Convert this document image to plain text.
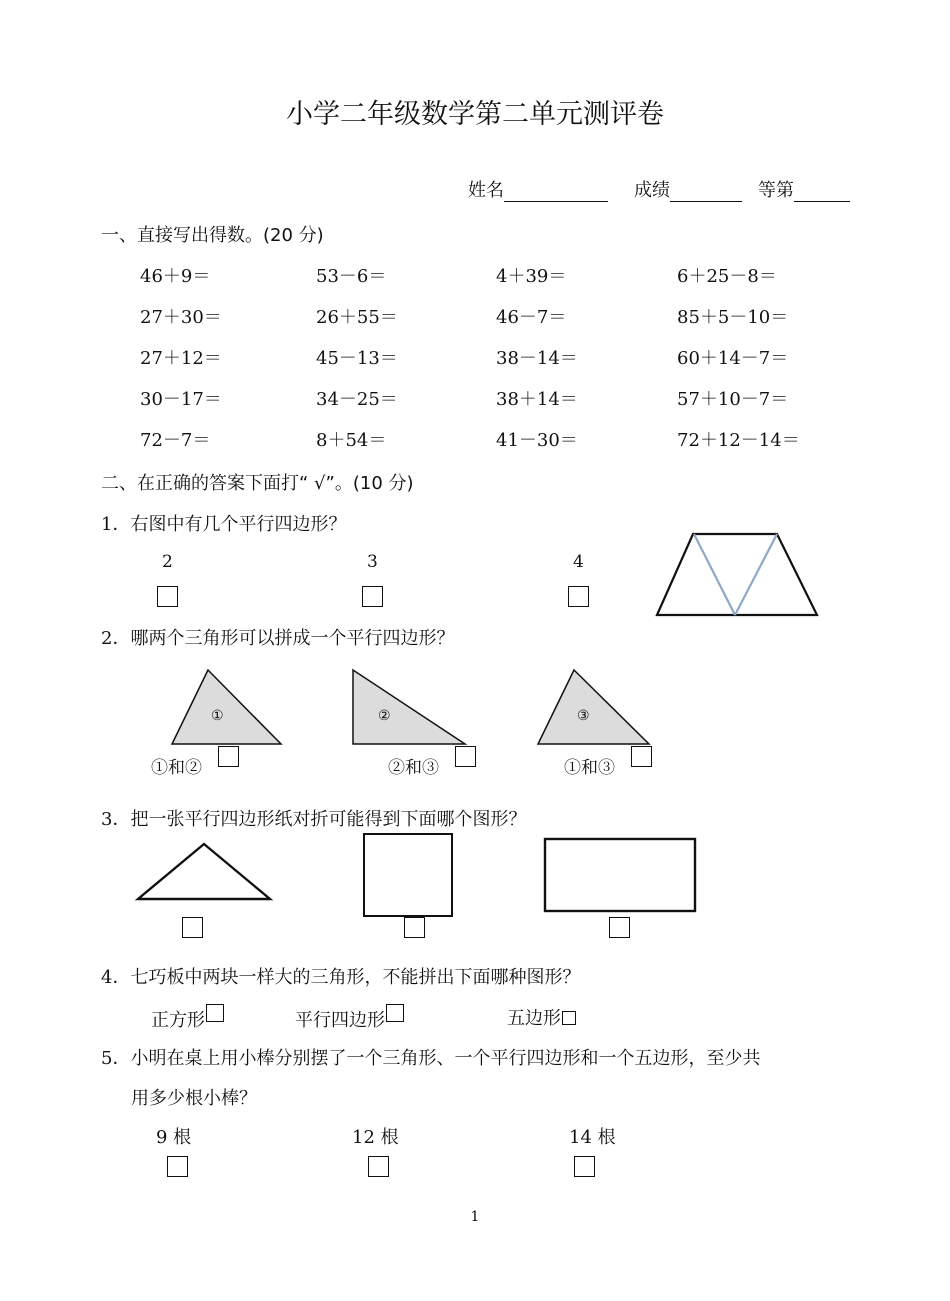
小学二年级数学第二单元测评卷
姓名	成绩	等第
一、直接写出得数。(20 分)
46＋9＝	53－6＝	4＋39＝	6＋25－8＝
27＋30＝	26＋55＝	46－7＝	85＋5－10＝
27＋12＝	45－13＝	38－14＝	60＋14－7＝
30－17＝	34－25＝	38＋14＝	57＋10－7＝
72－7＝	8＋54＝	41－30＝	72＋12－14＝
二、在正确的答案下面打“ √”。(10 分)
1．右图中有几个平行四边形？
2	3	4
2．哪两个三角形可以拼成一个平行四边形？
①	②	③
①和②	②和③	①和③
3．把一张平行四边形纸对折可能得到下面哪个图形？
4．七巧板中两块一样大的三角形，不能拼出下面哪种图形？
正方形	平行四边形	五边形
5．小明在桌上用小棒分别摆了一个三角形、一个平行四边形和一个五边形，至少共
用多少根小棒？
9 根	12 根	14 根
1
